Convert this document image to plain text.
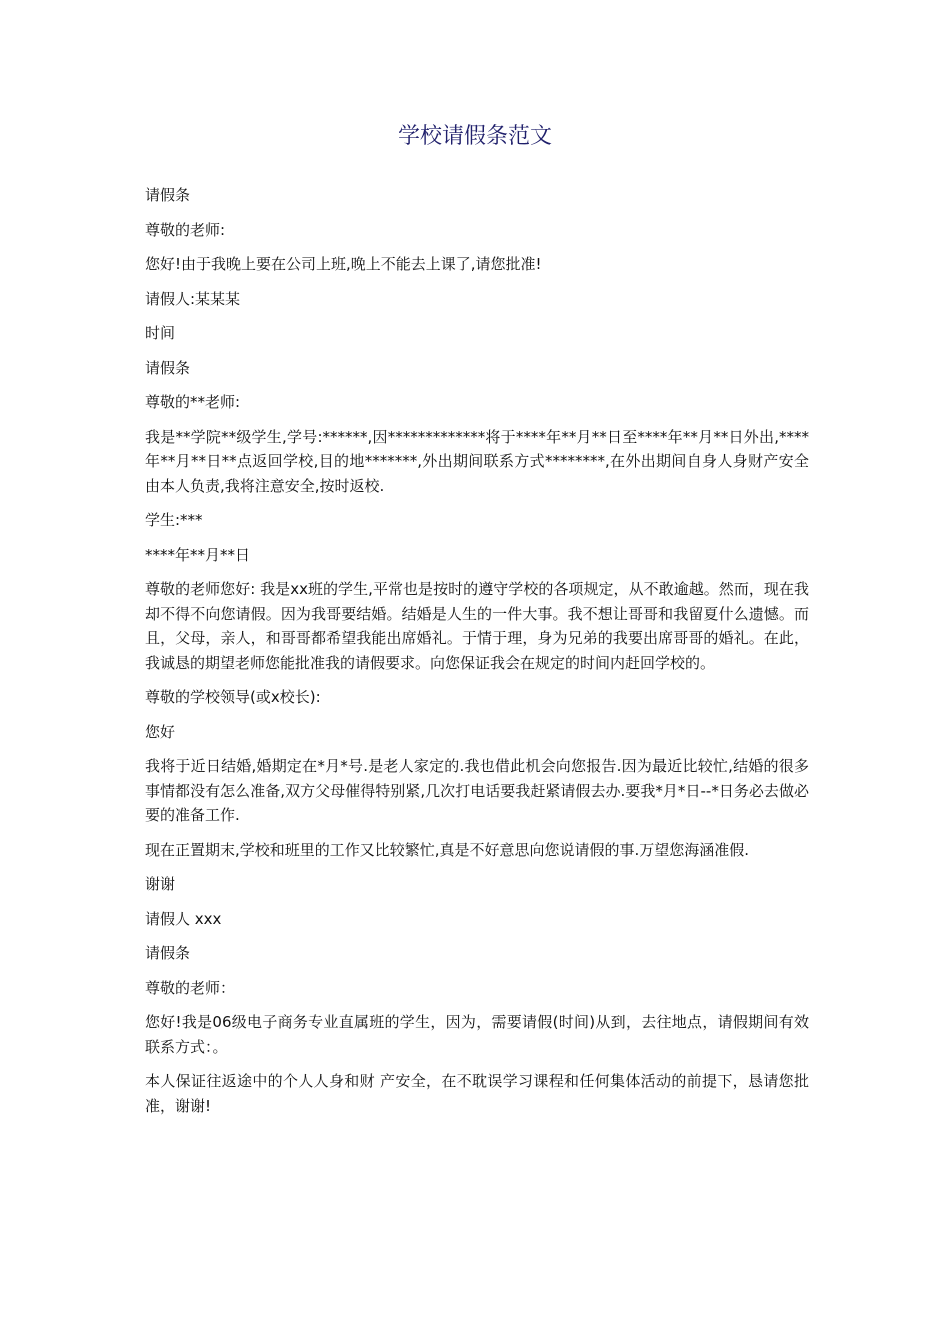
学校请假条范文

请假条

尊敬的老师:

您好!由于我晚上要在公司上班,晚上不能去上课了,请您批准!

请假人:某某某

时间

请假条

尊敬的**老师:

我是**学院**级学生,学号:******,因*************将于****年**月**日至****年**月**日外出,****年**月**日**点返回学校,目的地*******,外出期间联系方式********,在外出期间自身人身财产安全由本人负责,我将注意安全,按时返校.

学生:***

****年**月**日

尊敬的老师您好: 我是xx班的学生,平常也是按时的遵守学校的各项规定，从不敢逾越。然而，现在我却不得不向您请假。因为我哥要结婚。结婚是人生的一件大事。我不想让哥哥和我留夏什么遗憾。而且，父母，亲人，和哥哥都希望我能出席婚礼。于情于理，身为兄弟的我要出席哥哥的婚礼。在此，我诚恳的期望老师您能批准我的请假要求。向您保证我会在规定的时间内赶回学校的。

尊敬的学校领导(或x校长):

您好

我将于近日结婚,婚期定在*月*号.是老人家定的.我也借此机会向您报告.因为最近比较忙,结婚的很多事情都没有怎么准备,双方父母催得特别紧,几次打电话要我赶紧请假去办.要我*月*日--*日务必去做必要的准备工作.

现在正置期末,学校和班里的工作又比较繁忙,真是不好意思向您说请假的事.万望您海涵准假.

谢谢

请假人 xxx

请假条

尊敬的老师：

您好!我是06级电子商务专业直属班的学生，因为，需要请假(时间)从到，去往地点，请假期间有效联系方式：。

本人保证往返途中的个人人身和财 产安全，在不耽误学习课程和任何集体活动的前提下，恳请您批准，谢谢!
